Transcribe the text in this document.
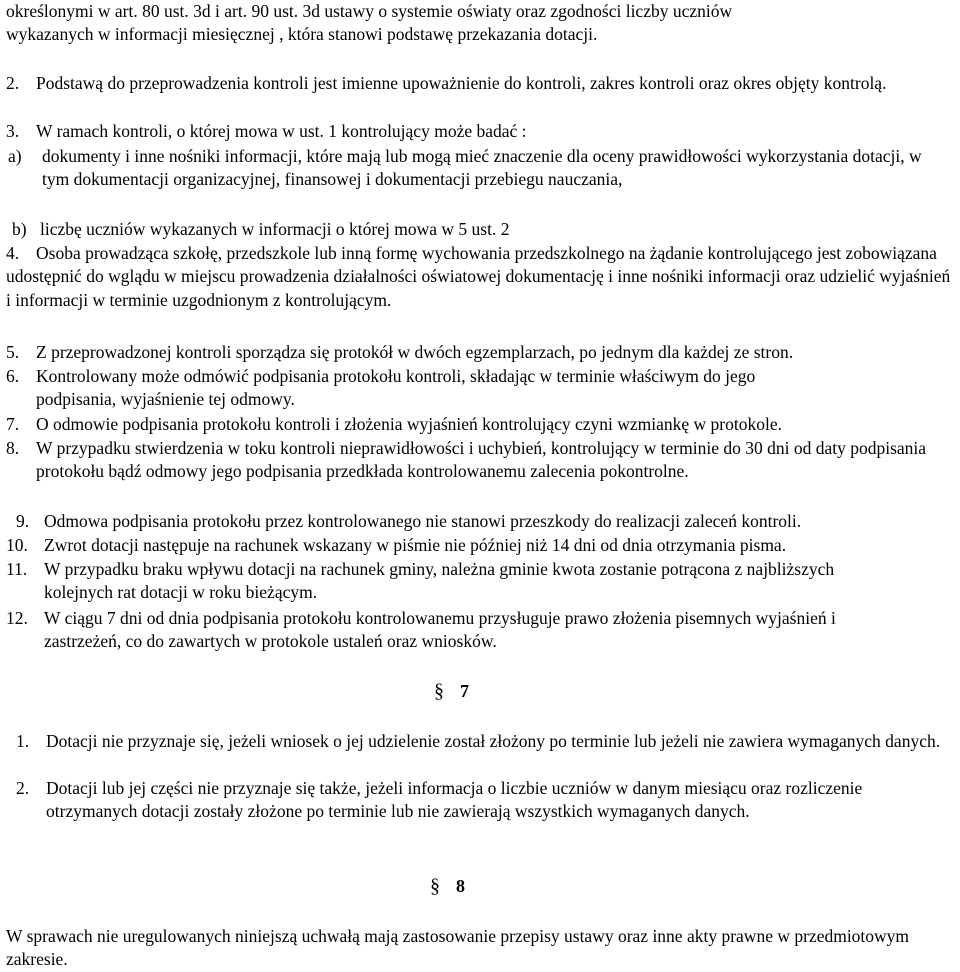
określonymi w art. 80 ust. 3d i art. 90 ust. 3d ustawy o systemie oświaty oraz zgodności liczby uczniów
wykazanych w informacji miesięcznej , która stanowi podstawę przekazania dotacji.
2. Podstawą do przeprowadzenia kontroli jest imienne upoważnienie do kontroli, zakres kontroli oraz okres objęty kontrolą.
3. W ramach kontroli, o której mowa w ust. 1 kontrolujący może badać :
a) dokumenty i inne nośniki informacji, które mają lub mogą mieć znaczenie dla oceny prawidłowości wykorzystania dotacji, w tym dokumentacji organizacyjnej, finansowej i dokumentacji przebiegu nauczania,
b) liczbę uczniów wykazanych w informacji o której mowa w 5 ust. 2
4. Osoba prowadząca szkołę, przedszkole lub inną formę wychowania przedszkolnego na żądanie kontrolującego jest zobowiązana udostępnić do wglądu w miejscu prowadzenia działalności oświatowej dokumentację i inne nośniki informacji oraz udzielić wyjaśnień i informacji w terminie uzgodnionym z kontrolującym.
5. Z przeprowadzonej kontroli sporządza się protokół w dwóch egzemplarzach, po jednym dla każdej ze stron.
6. Kontrolowany może odmówić podpisania protokołu kontroli, składając w terminie właściwym do jego podpisania, wyjaśnienie tej odmowy.
7. O odmowie podpisania protokołu kontroli i złożenia wyjaśnień kontrolujący czyni wzmiankę w protokole.
8. W przypadku stwierdzenia w toku kontroli nieprawidłowości i uchybień, kontrolujący w terminie do 30 dni od daty podpisania protokołu bądź odmowy jego podpisania przedkłada kontrolowanemu zalecenia pokontrolne.
9. Odmowa podpisania protokołu przez kontrolowanego nie stanowi przeszkody do realizacji zaleceń kontroli.
10. Zwrot dotacji następuje na rachunek wskazany w piśmie nie później niż 14 dni od dnia otrzymania pisma.
11. W przypadku braku wpływu dotacji na rachunek gminy, należna gminie kwota zostanie potrącona z najbliższych kolejnych rat dotacji w roku bieżącym.
12. W ciągu 7 dni od dnia podpisania protokołu kontrolowanemu przysługuje prawo złożenia pisemnych wyjaśnień i zastrzeżeń, co do zawartych w protokole ustaleń oraz wniosków.
§ 7
1. Dotacji nie przyznaje się, jeżeli wniosek o jej udzielenie został złożony po terminie lub jeżeli nie zawiera wymaganych danych.
2. Dotacji lub jej części nie przyznaje się także, jeżeli informacja o liczbie uczniów w danym miesiącu oraz rozliczenie otrzymanych dotacji zostały złożone po terminie lub nie zawierają wszystkich wymaganych danych.
§ 8
W sprawach nie uregulowanych niniejszą uchwałą mają zastosowanie przepisy ustawy oraz inne akty prawne w przedmiotowym zakresie.
